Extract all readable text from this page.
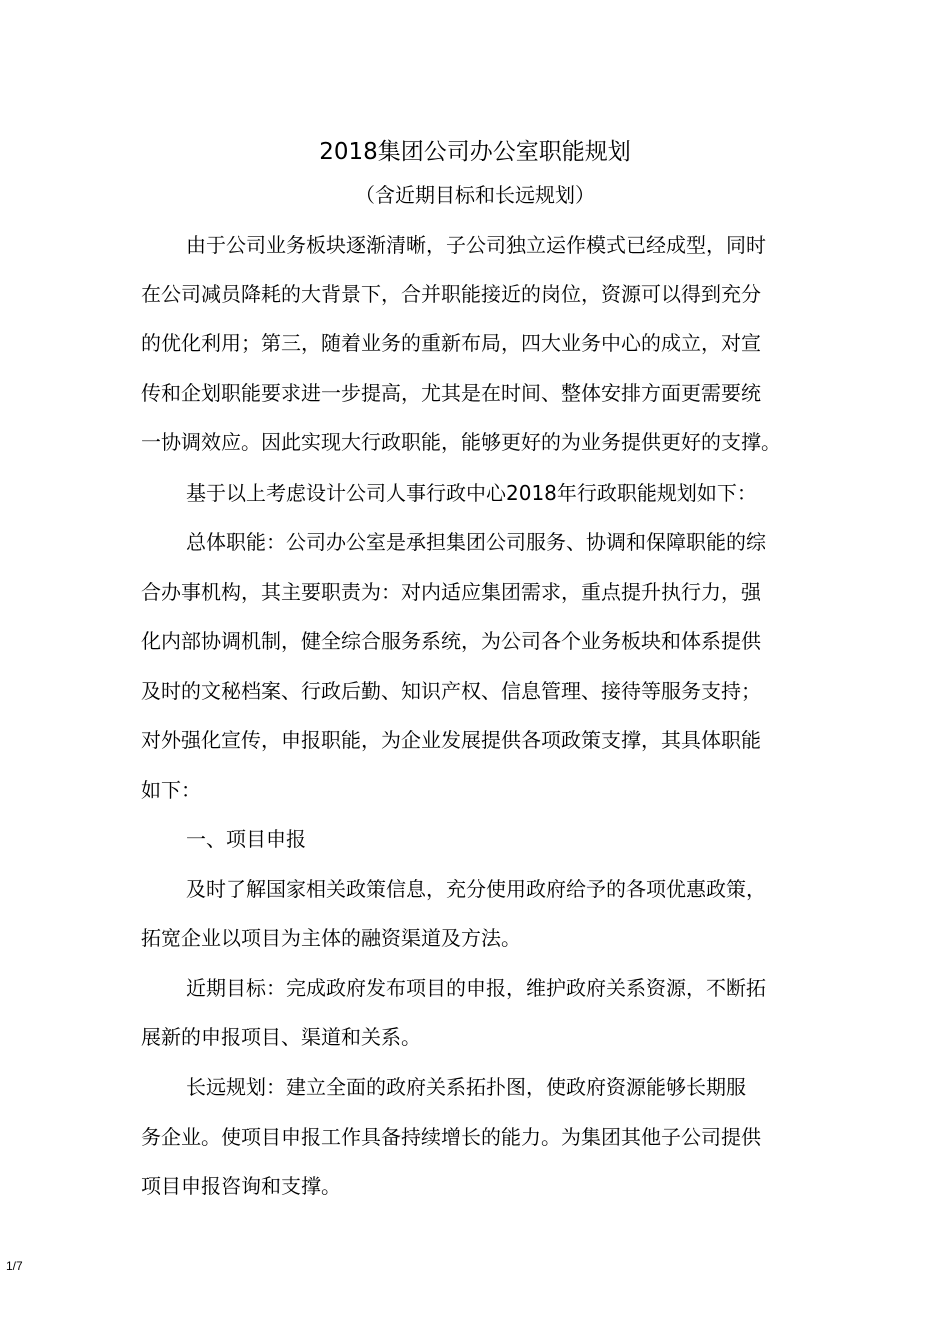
2018集团公司办公室职能规划
（含近期目标和长远规划）
由于公司业务板块逐渐清晰，子公司独立运作模式已经成型，同时
在公司减员降耗的大背景下，合并职能接近的岗位，资源可以得到充分
的优化利用；第三，随着业务的重新布局，四大业务中心的成立，对宣
传和企划职能要求进一步提高，尤其是在时间、整体安排方面更需要统
一协调效应。因此实现大行政职能，能够更好的为业务提供更好的支撑。
基于以上考虑设计公司人事行政中心2018年行政职能规划如下：
总体职能：公司办公室是承担集团公司服务、协调和保障职能的综
合办事机构，其主要职责为：对内适应集团需求，重点提升执行力，强
化内部协调机制，健全综合服务系统，为公司各个业务板块和体系提供
及时的文秘档案、行政后勤、知识产权、信息管理、接待等服务支持；
对外强化宣传，申报职能，为企业发展提供各项政策支撑，其具体职能
如下：
一、项目申报
及时了解国家相关政策信息，充分使用政府给予的各项优惠政策，
拓宽企业以项目为主体的融资渠道及方法。
近期目标：完成政府发布项目的申报，维护政府关系资源，不断拓
展新的申报项目、渠道和关系。
长远规划：建立全面的政府关系拓扑图，使政府资源能够长期服
务企业。使项目申报工作具备持续增长的能力。为集团其他子公司提供
项目申报咨询和支撑。
1/7
